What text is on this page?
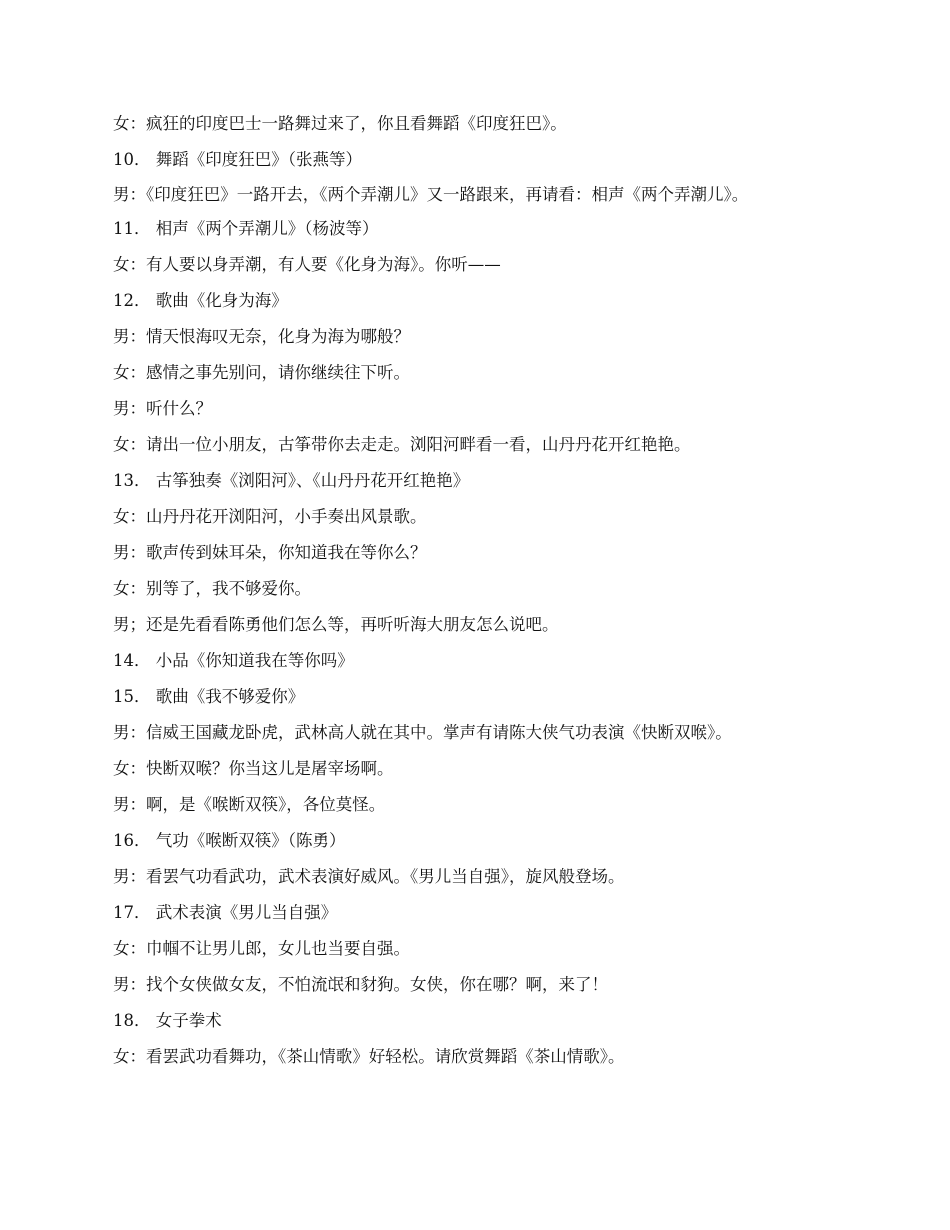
女：疯狂的印度巴士一路舞过来了，你且看舞蹈《印度狂巴》。

10． 舞蹈《印度狂巴》（张燕等）

男：《印度狂巴》一路开去，《两个弄潮儿》又一路跟来，再请看：相声《两个弄潮儿》。

11． 相声《两个弄潮儿》（杨波等）

女：有人要以身弄潮，有人要《化身为海》。你听——

12． 歌曲《化身为海》

男：情天恨海叹无奈，化身为海为哪般？

女：感情之事先别问，请你继续往下听。

男：听什么？

女：请出一位小朋友，古筝带你去走走。浏阳河畔看一看，山丹丹花开红艳艳。

13． 古筝独奏《浏阳河》、《山丹丹花开红艳艳》

女：山丹丹花开浏阳河，小手奏出风景歌。

男：歌声传到妹耳朵，你知道我在等你么？

女：别等了，我不够爱你。

男；还是先看看陈勇他们怎么等，再听听海大朋友怎么说吧。

14． 小品《你知道我在等你吗》

15． 歌曲《我不够爱你》

男：信威王国藏龙卧虎，武林高人就在其中。掌声有请陈大侠气功表演《快断双喉》。

女：快断双喉？你当这儿是屠宰场啊。

男：啊，是《喉断双筷》，各位莫怪。

16． 气功《喉断双筷》（陈勇）

男：看罢气功看武功，武术表演好威风。《男儿当自强》，旋风般登场。

17． 武术表演《男儿当自强》

女：巾帼不让男儿郎，女儿也当要自强。

男：找个女侠做女友，不怕流氓和豺狗。女侠，你在哪？啊，来了！

18． 女子拳术

女：看罢武功看舞功，《茶山情歌》好轻松。请欣赏舞蹈《茶山情歌》。
